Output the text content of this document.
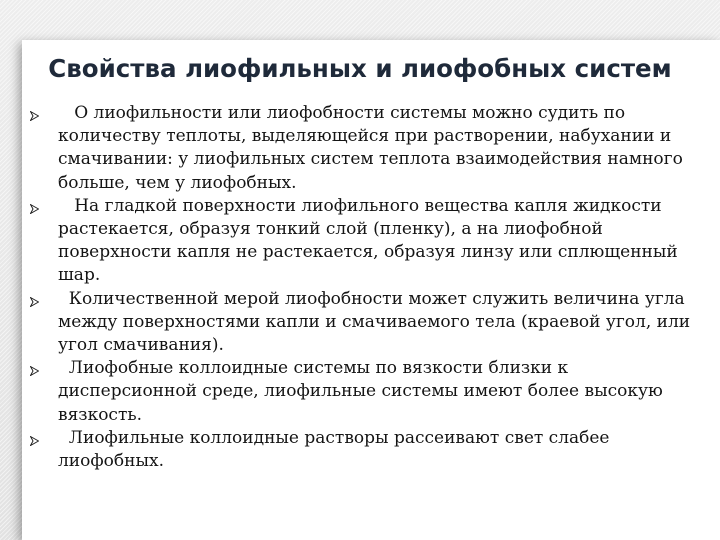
Свойства лиофильных и лиофобных систем
О лиофильности или лиофобности системы можно судить по количеству теплоты, выделяющейся при растворении, набухании и смачивании: у лиофильных систем теплота взаимодействия намного больше, чем у лиофобных.
На гладкой поверхности лиофильного вещества капля жидкости растекается, образуя тонкий слой (пленку), а на лиофобной поверхности капля не растекается, образуя линзу или сплющенный шар.
Количественной мерой лиофобности может служить величина угла между поверхностями капли и смачиваемого тела (краевой угол, или угол смачивания).
Лиофобные коллоидные системы по вязкости близки к дисперсионной среде, лиофильные системы имеют более высокую вязкость.
Лиофильные коллоидные растворы рассеивают свет слабее лиофобных.
